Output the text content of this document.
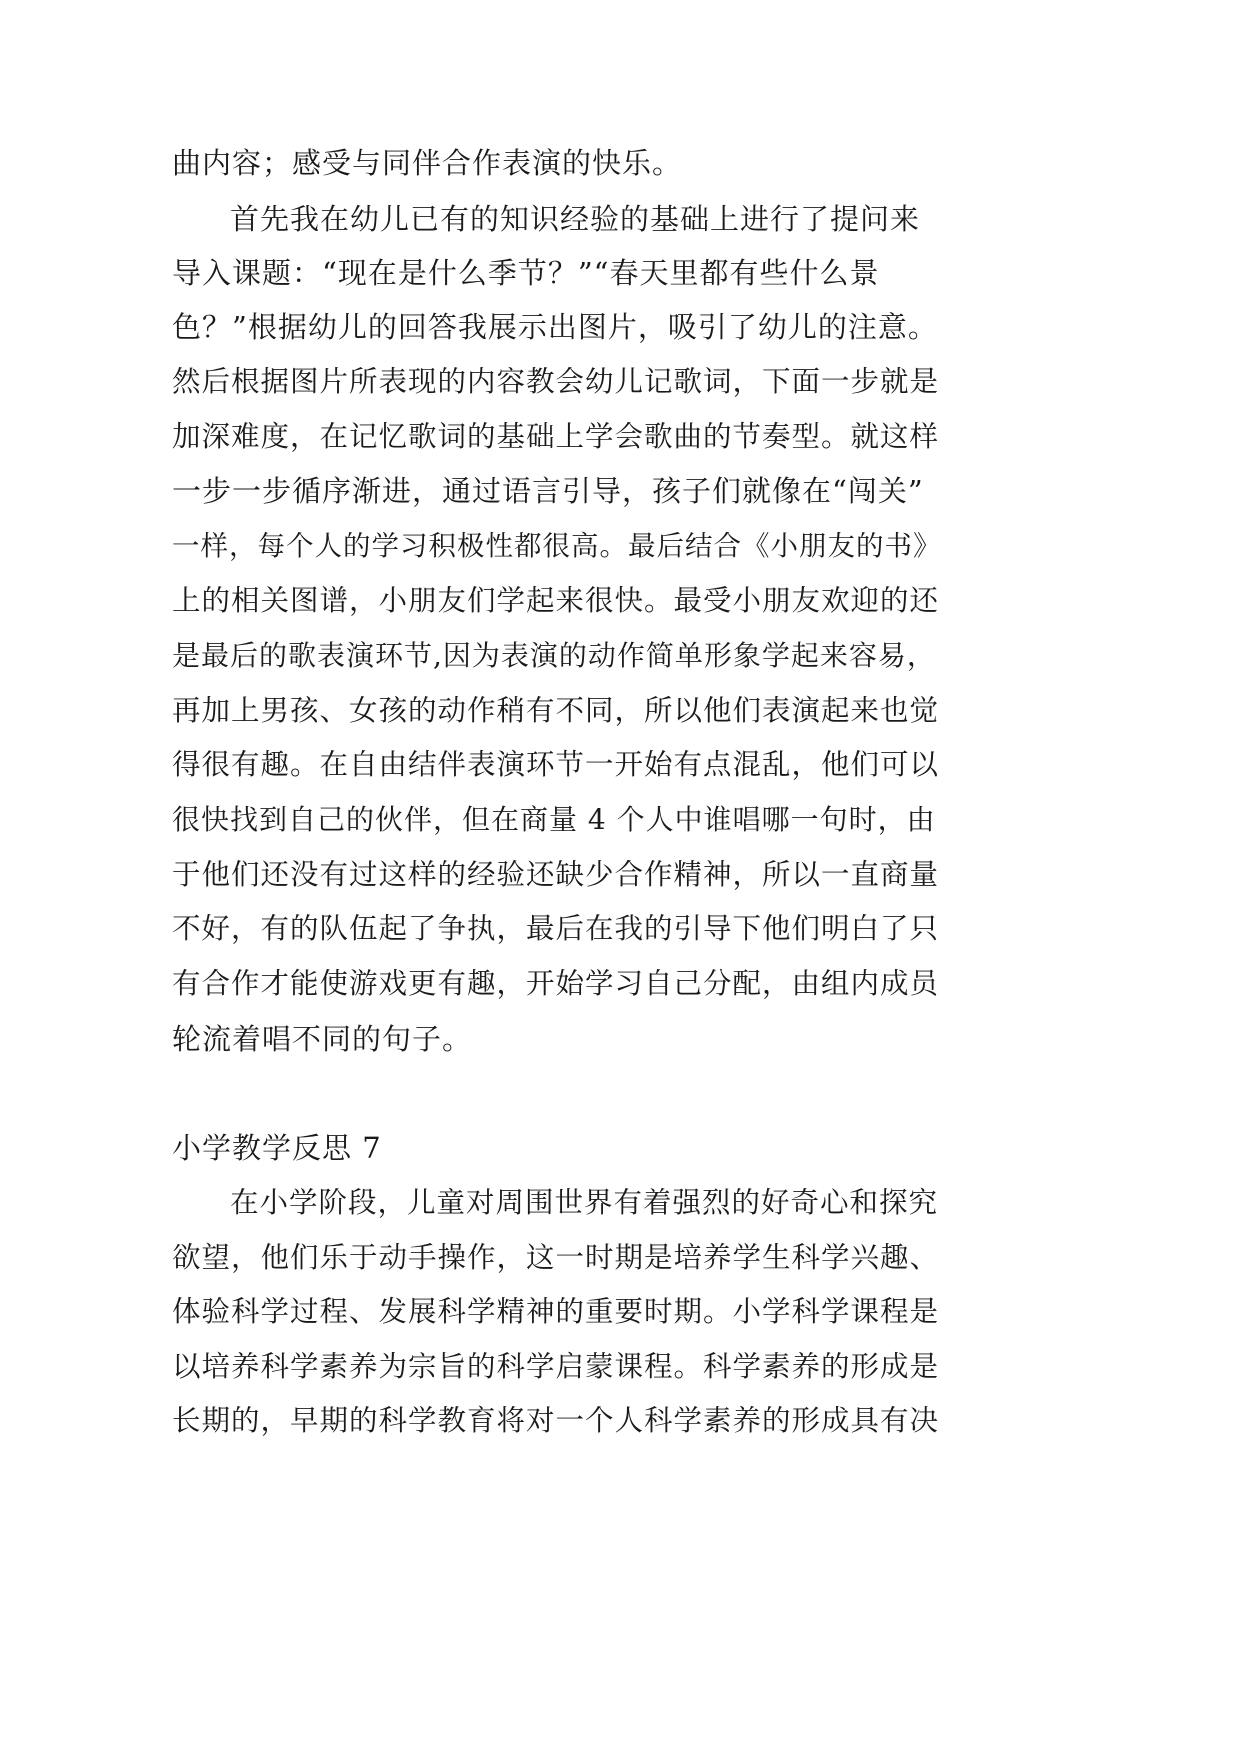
曲内容；感受与同伴合作表演的快乐。
首先我在幼儿已有的知识经验的基础上进行了提问来
导入课题：“现在是什么季节？”“春天里都有些什么景
色？”根据幼儿的回答我展示出图片，吸引了幼儿的注意。
然后根据图片所表现的内容教会幼儿记歌词，下面一步就是
加深难度，在记忆歌词的基础上学会歌曲的节奏型。就这样
一步一步循序渐进，通过语言引导，孩子们就像在“闯关”
一样，每个人的学习积极性都很高。最后结合《小朋友的书》
上的相关图谱，小朋友们学起来很快。最受小朋友欢迎的还
是最后的歌表演环节,因为表演的动作简单形象学起来容易，
再加上男孩、女孩的动作稍有不同，所以他们表演起来也觉
得很有趣。在自由结伴表演环节一开始有点混乱，他们可以
很快找到自己的伙伴，但在商量 4 个人中谁唱哪一句时，由
于他们还没有过这样的经验还缺少合作精神，所以一直商量
不好，有的队伍起了争执，最后在我的引导下他们明白了只
有合作才能使游戏更有趣，开始学习自己分配，由组内成员
轮流着唱不同的句子。
小学教学反思 7
在小学阶段，儿童对周围世界有着强烈的好奇心和探究
欲望，他们乐于动手操作，这一时期是培养学生科学兴趣、
体验科学过程、发展科学精神的重要时期。小学科学课程是
以培养科学素养为宗旨的科学启蒙课程。科学素养的形成是
长期的，早期的科学教育将对一个人科学素养的形成具有决
